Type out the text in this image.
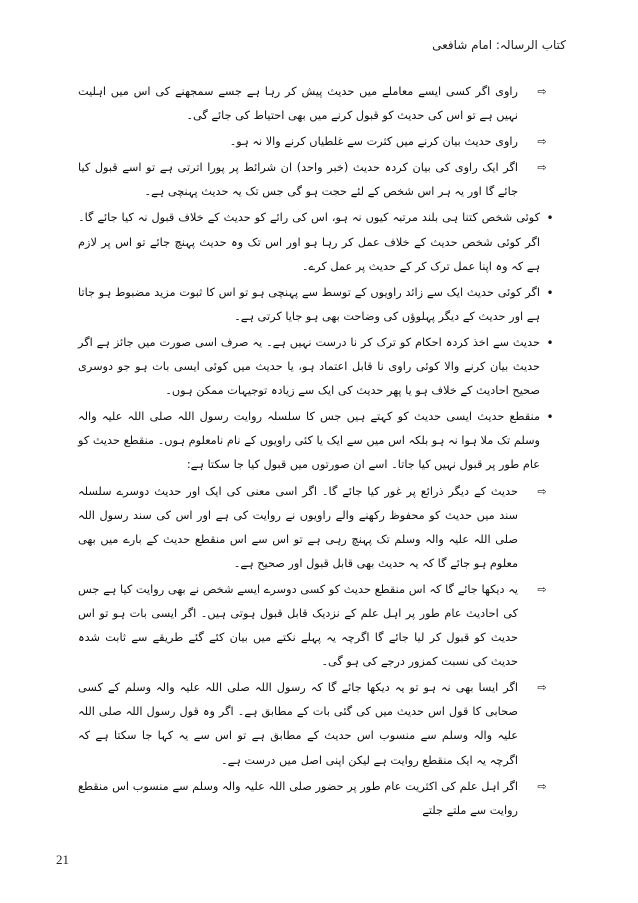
کتاب الرسالہ: امام شافعی
⇨
راوی اگر کسی ایسے معاملے میں حدیث پیش کر رہا ہے جسے سمجھنے کی اس میں اہلیت نہیں ہے تو اس کی حدیث کو قبول کرنے میں بھی احتیاط کی جائے گی۔
⇨
راوی حدیث بیان کرنے میں کثرت سے غلطیاں کرنے والا نہ ہو۔
⇨
اگر ایک راوی کی بیان کردہ حدیث (خبر واحد) ان شرائط پر پورا اترتی ہے تو اسے قبول کیا جائے گا اور یہ ہر اس شخص کے لئے حجت ہو گی جس تک یہ حدیث پہنچی ہے۔
•
کوئی شخص کتنا ہی بلند مرتبہ کیوں نہ ہو، اس کی رائے کو حدیث کے خلاف قبول نہ کیا جائے گا۔ اگر کوئی شخص حدیث کے خلاف عمل کر رہا ہو اور اس تک وہ حدیث پہنچ جائے تو اس پر لازم ہے کہ وہ اپنا عمل ترک کر کے حدیث پر عمل کرے۔
•
اگر کوئی حدیث ایک سے زائد راویوں کے توسط سے پہنچی ہو تو اس کا ثبوت مزید مضبوط ہو جاتا ہے اور حدیث کے دیگر پہلوؤں کی وضاحت بھی ہو جایا کرتی ہے۔
•
حدیث سے اخذ کردہ احکام کو ترک کر نا درست نہیں ہے۔ یہ صرف اسی صورت میں جائز ہے اگر حدیث بیان کرنے والا کوئی راوی نا قابل اعتماد ہو، یا حدیث میں کوئی ایسی بات ہو جو دوسری صحیح احادیث کے خلاف ہو یا پھر حدیث کی ایک سے زیادہ توجیہات ممکن ہوں۔
•
منقطع حدیث ایسی حدیث کو کہتے ہیں جس کا سلسلہ روایت رسول اللہ صلی اللہ علیہ والہ وسلم تک ملا ہوا نہ ہو بلکہ اس میں سے ایک یا کئی راویوں کے نام نامعلوم ہوں۔ منقطع حدیث کو عام طور پر قبول نہیں کیا جاتا۔ اسے ان صورتوں میں قبول کیا جا سکتا ہے:
⇨
حدیث کے دیگر ذرائع پر غور کیا جائے گا۔ اگر اسی معنی کی ایک اور حدیث دوسرے سلسلہ سند میں حدیث کو محفوظ رکھنے والے راویوں نے روایت کی ہے اور اس کی سند رسول اللہ صلی اللہ علیہ والہ وسلم تک پہنچ رہی ہے تو اس سے اس منقطع حدیث کے بارے میں بھی معلوم ہو جائے گا کہ یہ حدیث بھی قابل قبول اور صحیح ہے۔
⇨
یہ دیکھا جائے گا کہ اس منقطع حدیث کو کسی دوسرے ایسے شخص نے بھی روایت کیا ہے جس کی احادیث عام طور پر اہل علم کے نزدیک قابل قبول ہوتی ہیں۔ اگر ایسی بات ہو تو اس حدیث کو قبول کر لیا جائے گا اگرچہ یہ پہلے نکتے میں بیان کئے گئے طریقے سے ثابت شدہ حدیث کی نسبت کمزور درجے کی ہو گی۔
⇨
اگر ایسا بھی نہ ہو تو یہ دیکھا جائے گا کہ رسول اللہ صلی اللہ علیہ والہ وسلم کے کسی صحابی کا قول اس حدیث میں کی گئی بات کے مطابق ہے۔ اگر وہ قول رسول اللہ صلی اللہ علیہ والہ وسلم سے منسوب اس حدیث کے مطابق ہے تو اس سے یہ کہا جا سکتا ہے کہ اگرچہ یہ ایک منقطع روایت ہے لیکن اپنی اصل میں درست ہے۔
⇨
اگر اہل علم کی اکثریت عام طور پر حضور صلی اللہ علیہ والہ وسلم سے منسوب اس منقطع روایت سے ملتے جلتے
21
